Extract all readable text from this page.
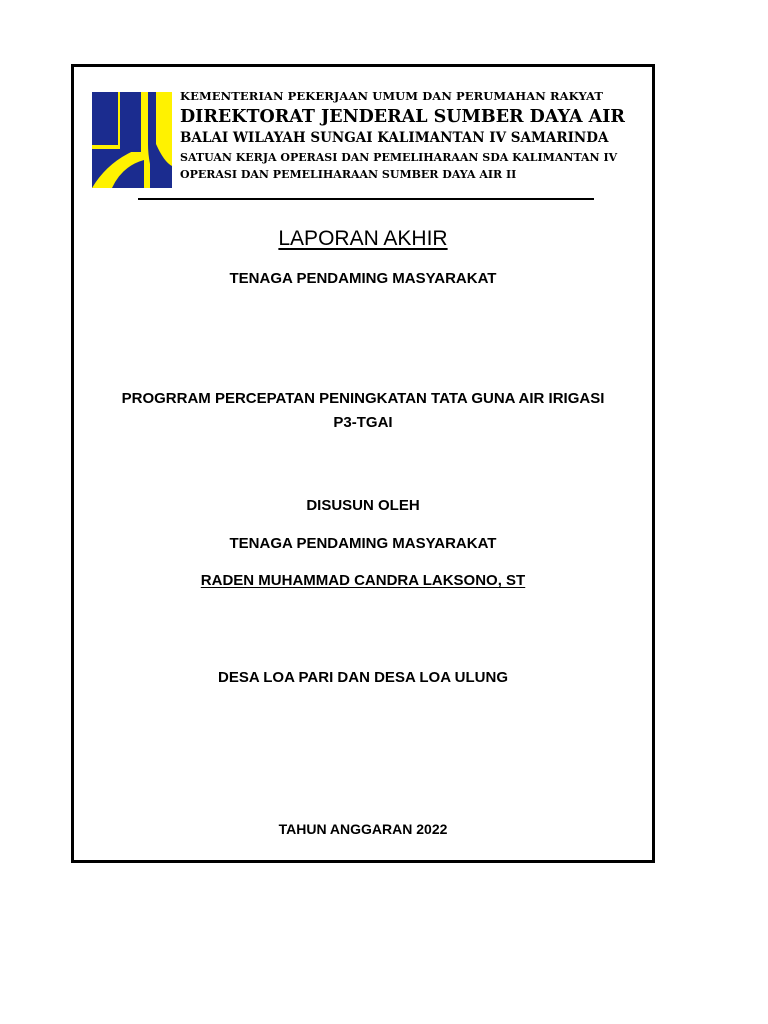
KEMENTERIAN PEKERJAAN UMUM DAN PERUMAHAN RAKYAT
DIREKTORAT JENDERAL SUMBER DAYA AIR
BALAI WILAYAH SUNGAI KALIMANTAN IV SAMARINDA
SATUAN KERJA OPERASI DAN PEMELIHARAAN SDA KALIMANTAN IV
OPERASI DAN PEMELIHARAAN SUMBER DAYA AIR II
LAPORAN AKHIR
TENAGA PENDAMING MASYARAKAT
PROGRRAM PERCEPATAN PENINGKATAN TATA GUNA AIR IRIGASI
P3-TGAI
DISUSUN OLEH
TENAGA PENDAMING MASYARAKAT
RADEN MUHAMMAD CANDRA LAKSONO, ST
DESA LOA PARI DAN DESA LOA ULUNG
TAHUN ANGGARAN 2022
